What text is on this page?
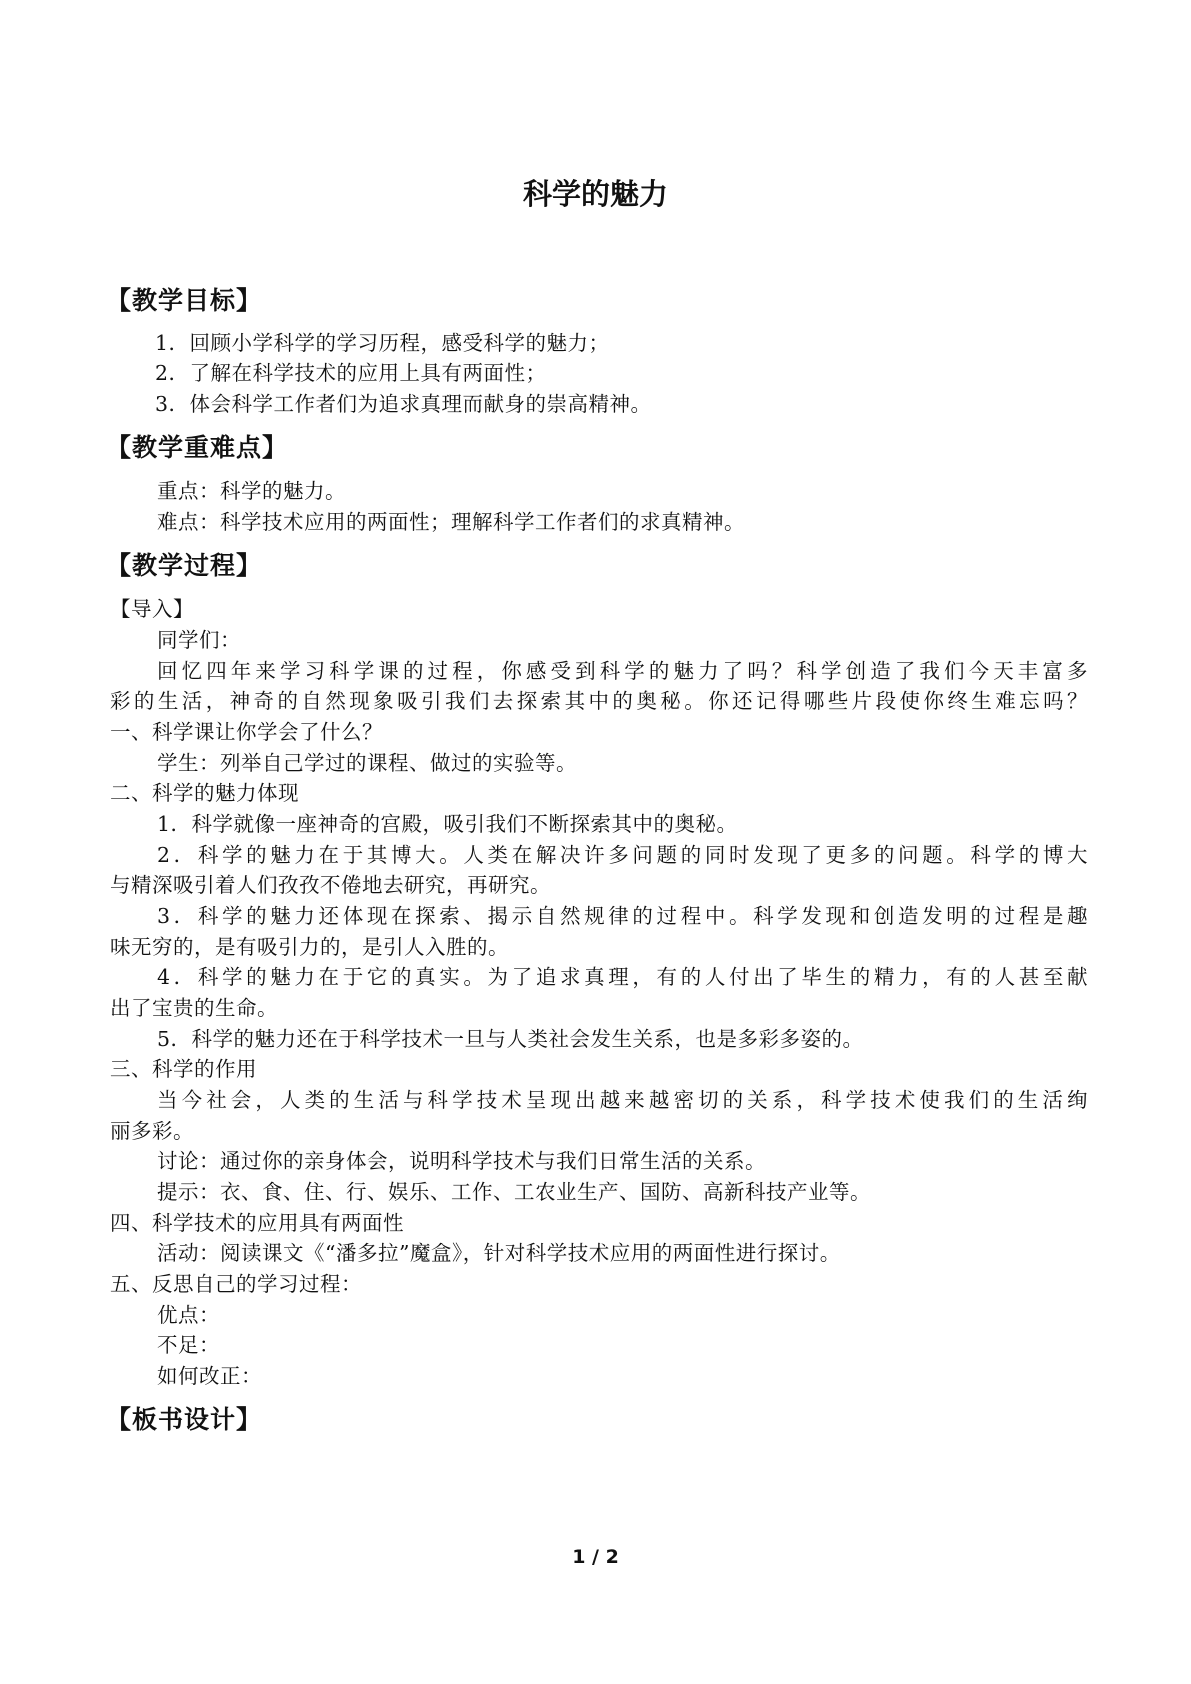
科学的魅力
【教学目标】
1．回顾小学科学的学习历程，感受科学的魅力；
2．了解在科学技术的应用上具有两面性；
3．体会科学工作者们为追求真理而献身的崇高精神。
【教学重难点】
重点：科学的魅力。
难点：科学技术应用的两面性；理解科学工作者们的求真精神。
【教学过程】
【导入】
同学们：
回忆四年来学习科学课的过程，你感受到科学的魅力了吗？科学创造了我们今天丰富多
彩的生活，神奇的自然现象吸引我们去探索其中的奥秘。你还记得哪些片段使你终生难忘吗？
一、科学课让你学会了什么？
学生：列举自己学过的课程、做过的实验等。
二、科学的魅力体现
1．科学就像一座神奇的宫殿，吸引我们不断探索其中的奥秘。
2．科学的魅力在于其博大。人类在解决许多问题的同时发现了更多的问题。科学的博大
与精深吸引着人们孜孜不倦地去研究，再研究。
3．科学的魅力还体现在探索、揭示自然规律的过程中。科学发现和创造发明的过程是趣
味无穷的，是有吸引力的，是引人入胜的。
4．科学的魅力在于它的真实。为了追求真理，有的人付出了毕生的精力，有的人甚至献
出了宝贵的生命。
5．科学的魅力还在于科学技术一旦与人类社会发生关系，也是多彩多姿的。
三、科学的作用
当今社会，人类的生活与科学技术呈现出越来越密切的关系，科学技术使我们的生活绚
丽多彩。
讨论：通过你的亲身体会，说明科学技术与我们日常生活的关系。
提示：衣、食、住、行、娱乐、工作、工农业生产、国防、高新科技产业等。
四、科学技术的应用具有两面性
活动：阅读课文《“潘多拉”魔盒》，针对科学技术应用的两面性进行探讨。
五、反思自己的学习过程：
优点：
不足：
如何改正：
【板书设计】
1 / 2
